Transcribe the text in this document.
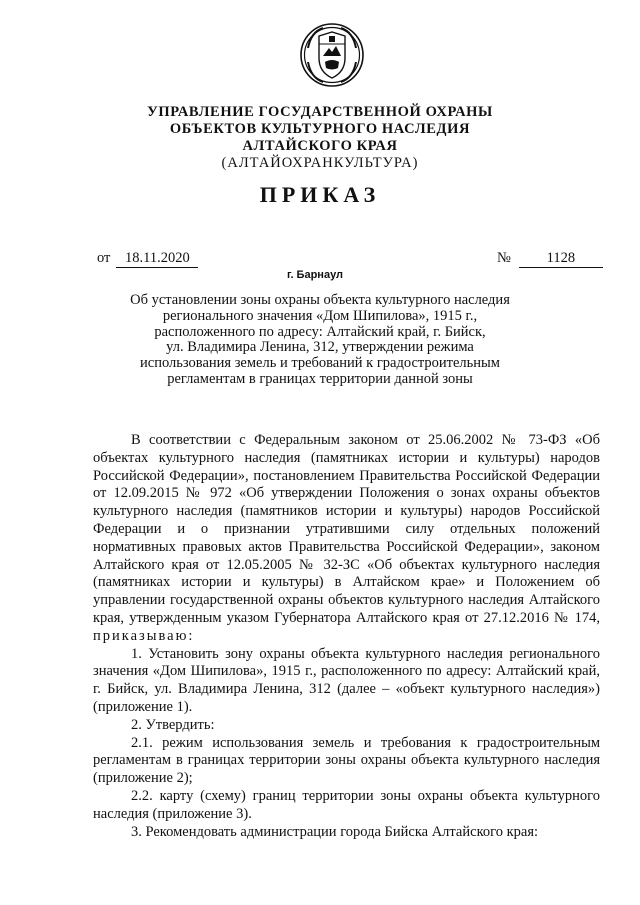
УПРАВЛЕНИЕ ГОСУДАРСТВЕННОЙ ОХРАНЫ
ОБЪЕКТОВ КУЛЬТУРНОГО НАСЛЕДИЯ
АЛТАЙСКОГО КРАЯ
(АЛТАЙОХРАНКУЛЬТУРА)
ПРИКАЗ
от 18.11.2020	№ 1128
г. Барнаул
Об установлении зоны охраны объекта культурного наследия
регионального значения «Дом Шипилова», 1915 г.,
расположенного по адресу: Алтайский край, г. Бийск,
ул. Владимира Ленина, 312, утверждении режима
использования земель и требований к градостроительным
регламентам в границах территории данной зоны

В соответствии с Федеральным законом от 25.06.2002 № 73-ФЗ «Об объектах культурного наследия (памятниках истории и культуры) народов Российской Федерации», постановлением Правительства Российской Федерации от 12.09.2015 № 972 «Об утверждении Положения о зонах охраны объектов культурного наследия (памятников истории и культуры) народов Российской Федерации и о признании утратившими силу отдельных положений нормативных правовых актов Правительства Российской Федерации», законом Алтайского края от 12.05.2005 № 32-ЗС «Об объектах культурного наследия (памятниках истории и культуры) в Алтайском крае» и Положением об управлении государственной охраны объектов культурного наследия Алтайского края, утвержденным указом Губернатора Алтайского края от 27.12.2016 № 174, приказываю:

1. Установить зону охраны объекта культурного наследия регионального значения «Дом Шипилова», 1915 г., расположенного по адресу: Алтайский край, г. Бийск, ул. Владимира Ленина, 312 (далее – «объект культурного наследия») (приложение 1).

2. Утвердить:

2.1. режим использования земель и требования к градостроительным регламентам в границах территории зоны охраны объекта культурного наследия (приложение 2);

2.2. карту (схему) границ территории зоны охраны объекта культурного наследия (приложение 3).

3. Рекомендовать администрации города Бийска Алтайского края:
